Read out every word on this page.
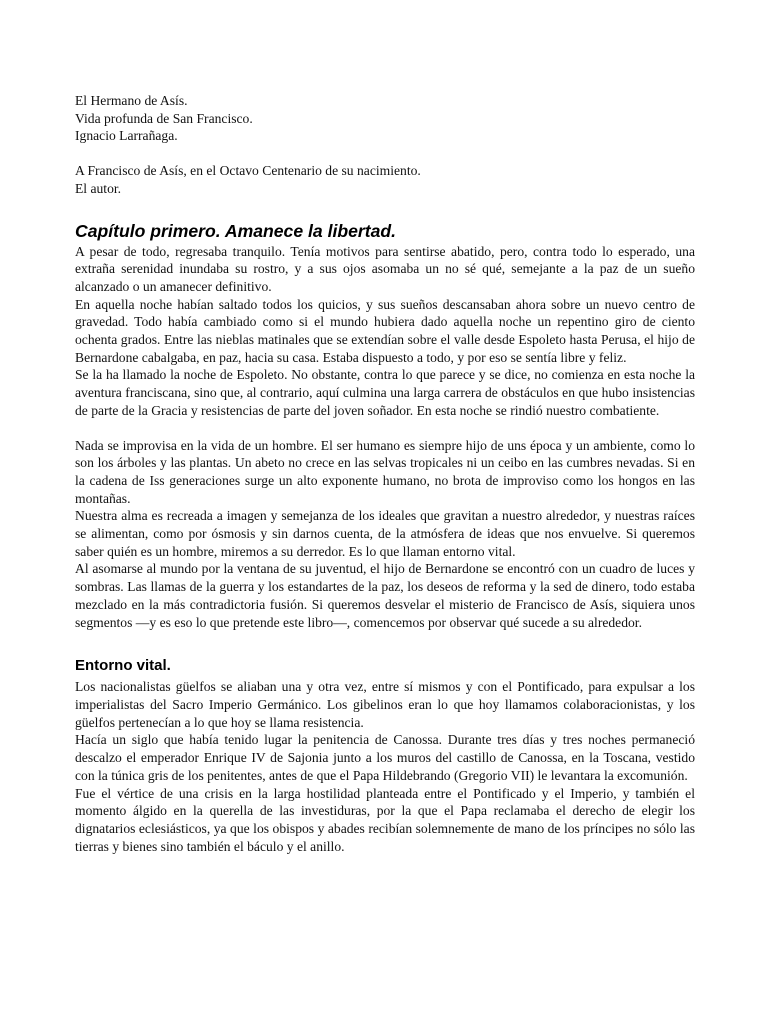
El Hermano de Asís.
Vida profunda de San Francisco.
Ignacio Larrañaga.
A Francisco de Asís, en el Octavo Centenario de su nacimiento.
El autor.
Capítulo primero. Amanece la libertad.

A pesar de todo, regresaba tranquilo. Tenía motivos para sentirse abatido, pero, contra todo lo esperado, una extraña serenidad inundaba su rostro, y a sus ojos asomaba un no sé qué, semejante a la paz de un sueño alcanzado o un amanecer definitivo.

En aquella noche habían saltado todos los quicios, y sus sueños descansaban ahora sobre un nuevo centro de gravedad. Todo había cambiado como si el mundo hubiera dado aquella noche un repentino giro de ciento ochenta grados. Entre las nieblas matinales que se extendían sobre el valle desde Espoleto hasta Perusa, el hijo de Bernardone cabalgaba, en paz, hacia su casa. Estaba dispuesto a todo, y por eso se sentía libre y feliz.

Se la ha llamado la noche de Espoleto. No obstante, contra lo que parece y se dice, no comienza en esta noche la aventura franciscana, sino que, al contrario, aquí culmina una larga carrera de obstáculos en que hubo insistencias de parte de la Gracia y resistencias de parte del joven soñador. En esta noche se rindió nuestro combatiente.

Nada se improvisa en la vida de un hombre. El ser humano es siempre hijo de uns época y un ambiente, como lo son los árboles y las plantas. Un abeto no crece en las selvas tropicales ni un ceibo en las cumbres nevadas. Si en la cadena de Iss generaciones surge un alto exponente humano, no brota de improviso como los hongos en las montañas.

Nuestra alma es recreada a imagen y semejanza de los ideales que gravitan a nuestro alrededor, y nuestras raíces se alimentan, como por ósmosis y sin darnos cuenta, de la atmósfera de ideas que nos envuelve. Si queremos saber quién es un hombre, miremos a su derredor. Es lo que llaman entorno vital.

Al asomarse al mundo por la ventana de su juventud, el hijo de Bernardone se encontró con un cuadro de luces y sombras. Las llamas de la guerra y los estandartes de la paz, los deseos de reforma y la sed de dinero, todo estaba mezclado en la más contradictoria fusión. Si queremos desvelar el misterio de Francisco de Asís, siquiera unos segmentos —y es eso lo que pretende este libro—, comencemos por observar qué sucede a su alrededor.

Entorno vital.

Los nacionalistas güelfos se aliaban una y otra vez, entre sí mismos y con el Pontificado, para expulsar a los imperialistas del Sacro Imperio Germánico. Los gibelinos eran lo que hoy llamamos colaboracionistas, y los güelfos pertenecían a lo que hoy se llama resistencia.

Hacía un siglo que había tenido lugar la penitencia de Canossa. Durante tres días y tres noches permaneció descalzo el emperador Enrique IV de Sajonia junto a los muros del castillo de Canossa, en la Toscana, vestido con la túnica gris de los penitentes, antes de que el Papa Hildebrando (Gregorio VII) le levantara la excomunión.

Fue el vértice de una crisis en la larga hostilidad planteada entre el Pontificado y el Imperio, y también el momento álgido en la querella de las investiduras, por la que el Papa reclamaba el derecho de elegir los dignatarios eclesiásticos, ya que los obispos y abades recibían solemnemente de mano de los príncipes no sólo las tierras y bienes sino también el báculo y el anillo.
